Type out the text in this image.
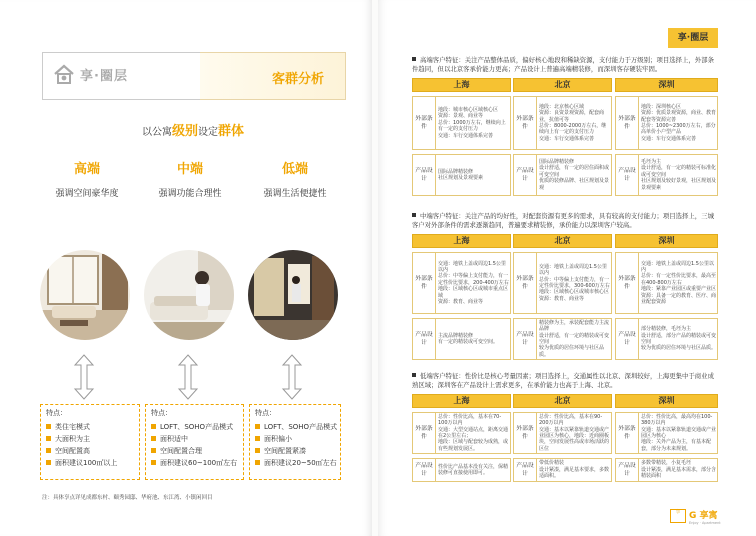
享·圈层	客群分析
以公寓级别设定群体
高端
强调空间豪华度
中端
强调功能合理性
低端
强调生活便捷性
特点：
类住宅模式
大面积为主
空间配置高
面积建议100㎡以上
特点：
LOFT、SOHO产品模式
面积适中
空间配置合理
面积建议60~100㎡左右
特点：
LOFT、SOHO产品模式
面积偏小
空间配置紧凑
面积建议20~50㎡左右
注：具体享点详见成都东村、颐秀园邸、华府池、东江湾、小镇闲回目
享·圈层
高端客户特征：关注产品整体品质，偏好核心地段和稀缺资源，支付能力于万级别；项目选择上，外部条件趋同，但以北京客承价能力更高；产品设计上普遍高端精装修，而深圳客存硬装牢固。
上海	北京	深圳
外部条件
地段：城市核心区域核心区
资源：景观、商业等
总价：1000万左右，继续向上有一定的支付压力
交通：车行交通体系完善
外部条件
地段：北京核心区域
资源：良资景观资源，配套商业，抗值可等
总价：8000-2000万左右，继续向上有一定的支付压力
交通：车行交通体系完善
外部条件
地段：深圳核心区
资源：优质景观资源，商业、教育配套等资源完善
总价：1000~2300万左右，部分高单价小户型产品
交通：车行交通体系完善
产品设计
国际品牌精装修
社区规划及景观要素
产品设计
国际品牌精装修
设计舒适，有一定的居住面积或可变空间
优质的装修品牌、社区规划及景观
产品设计
毛坯为主
设计舒适，有一定的精装可标准化或可变空间
社区规划及较好景观，社区规划及景观要素
中端客户特征：关注产品的均好性，对配套资源有更多的需求，具有较高的支付能力；项目选择上，三城客户对外部条件的需求逐渐趋同，普遍要求精装修，承价能力以深圳客户较高。
上海	北京	深圳
外部条件
交通：地铁上盖或周边1.5公里以内
总价：中等偏上支付能力，有一定性价比要求，200-400万左右
地段：区域核心区或城市重点区域
资源：教育、商业等
外部条件
交通：地铁上盖或周边1.5公里以内
总价：中等偏上支付能力，有一定性价比要求，300-600万左右
地段：区域核心区或城市核心区
资源：教育、商业等
外部条件
交通：地铁上盖或周边1.5公里以内
总价：有一定性价比要求，最高至在400-800万左右
地段：紧靠产业园区或重要产业区
资源：具备一定的教育、医疗、商业配套资源
产品设计
主流品牌精装修
有一定的精装或可变空间。
产品设计
精装修为主，承装配套能力主流品牌
设计舒适，有一定的精装或可变空间
较为优质的居住环境与社区品质。
产品设计
部分精装修，毛坯为主
设计舒适，部分产品的精装或可变空间
较为优质的居住环境与社区品质。
低端客户特征：性价比是核心考量因素；项目选择上，交通属性以北京、深圳较好，上海更集中于商业成熟区域；深圳客在产品设计上需求更多，在承价能力也高于上海、北京。
上海	北京	深圳
外部条件
总价：性价比高，基本在70-100万以内
交通：大型交通站点，距离交通在2公里左右；
地段：区域与配套较为成熟，或有些规划发展区。
外部条件
总价：性价比高，基本在90-200万以内
交通：基本以紧靠轨道交通或产业园区为核心，地段：近商圈板块，空间发展性高或市场活跃的区位
外部条件
总价：性价比高，最高均在100-380万以内
交通：基本以紧靠轨道交通或产业园区为核心
地段：关外产品为主，有基本配套，部分为未来规划。
产品设计
性价比产品基本没有关注，保精装修可直接使用即可。
产品设计
带低价精装
设计紧凑，满足基本要求，多数适面积。
产品设计
多数带精装，小复毛坯
设计紧凑，满足基本需求，部分含精装面积
享 G 享寓
Enjoy · Apartment
